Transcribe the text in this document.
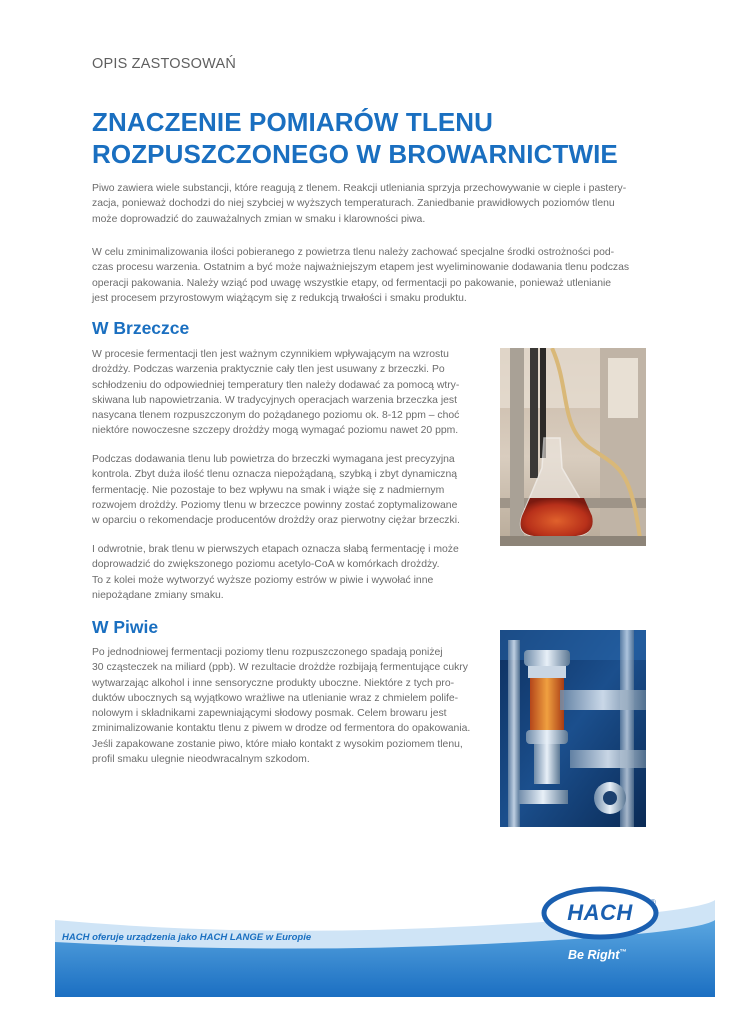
OPIS ZASTOSOWAŃ
ZNACZENIE POMIARÓW TLENU
ROZPUSZCZONEGO W BROWARNICTWIE

Piwo zawiera wiele substancji, które reagują z tlenem. Reakcji utleniania sprzyja przechowywanie w cieple i pastery-
zacja, ponieważ dochodzi do niej szybciej w wyższych temperaturach. Zaniedbanie prawidłowych poziomów tlenu
może doprowadzić do zauważalnych zmian w smaku i klarowności piwa.

W celu zminimalizowania ilości pobieranego z powietrza tlenu należy zachować specjalne środki ostrożności pod-
czas procesu warzenia. Ostatnim a być może najważniejszym etapem jest wyeliminowanie dodawania tlenu podczas
operacji pakowania. Należy wziąć pod uwagę wszystkie etapy, od fermentacji po pakowanie, ponieważ utlenianie
jest procesem przyrostowym wiążącym się z redukcją trwałości i smaku produktu.

W Brzeczce

W procesie fermentacji tlen jest ważnym czynnikiem wpływającym na wzrostu
drożdży. Podczas warzenia praktycznie cały tlen jest usuwany z brzeczki. Po
schłodzeniu do odpowiedniej temperatury tlen należy dodawać za pomocą wtry-
skiwana lub napowietrzania. W tradycyjnych operacjach warzenia brzeczka jest
nasycana tlenem rozpuszczonym do pożądanego poziomu ok. 8-12 ppm – choć
niektóre nowoczesne szczepy drożdży mogą wymagać poziomu nawet 20 ppm.

Podczas dodawania tlenu lub powietrza do brzeczki wymagana jest precyzyjna
kontrola. Zbyt duża ilość tlenu oznacza niepożądaną, szybką i zbyt dynamiczną
fermentację. Nie pozostaje to bez wpływu na smak i wiąże się z nadmiernym
rozwojem drożdży. Poziomy tlenu w brzeczce powinny zostać zoptymalizowane
w oparciu o rekomendacje producentów drożdży oraz pierwotny ciężar brzeczki.

I odwrotnie, brak tlenu w pierwszych etapach oznacza słabą fermentację i może
doprowadzić do zwiększonego poziomu acetylo-CoA w komórkach drożdży.
To z kolei może wytworzyć wyższe poziomy estrów w piwie i wywołać inne
niepożądane zmiany smaku.

W Piwie

Po jednodniowej fermentacji poziomy tlenu rozpuszczonego spadają poniżej
30 cząsteczek na miliard (ppb). W rezultacie drożdże rozbijają fermentujące cukry
wytwarzając alkohol i inne sensoryczne produkty uboczne. Niektóre z tych pro-
duktów ubocznych są wyjątkowo wrażliwe na utlenianie wraz z chmielem polife-
nolowym i składnikami zapewniającymi słodowy posmak. Celem browaru jest
zminimalizowanie kontaktu tlenu z piwem w drodze od fermentora do opakowania.
Jeśli zapakowane zostanie piwo, które miało kontakt z wysokim poziomem tlenu,
profil smaku ulegnie nieodwracalnym szkodom.

HACH oferuje urządzenia jako HACH LANGE w Europie
HACH	®
Be Right™
